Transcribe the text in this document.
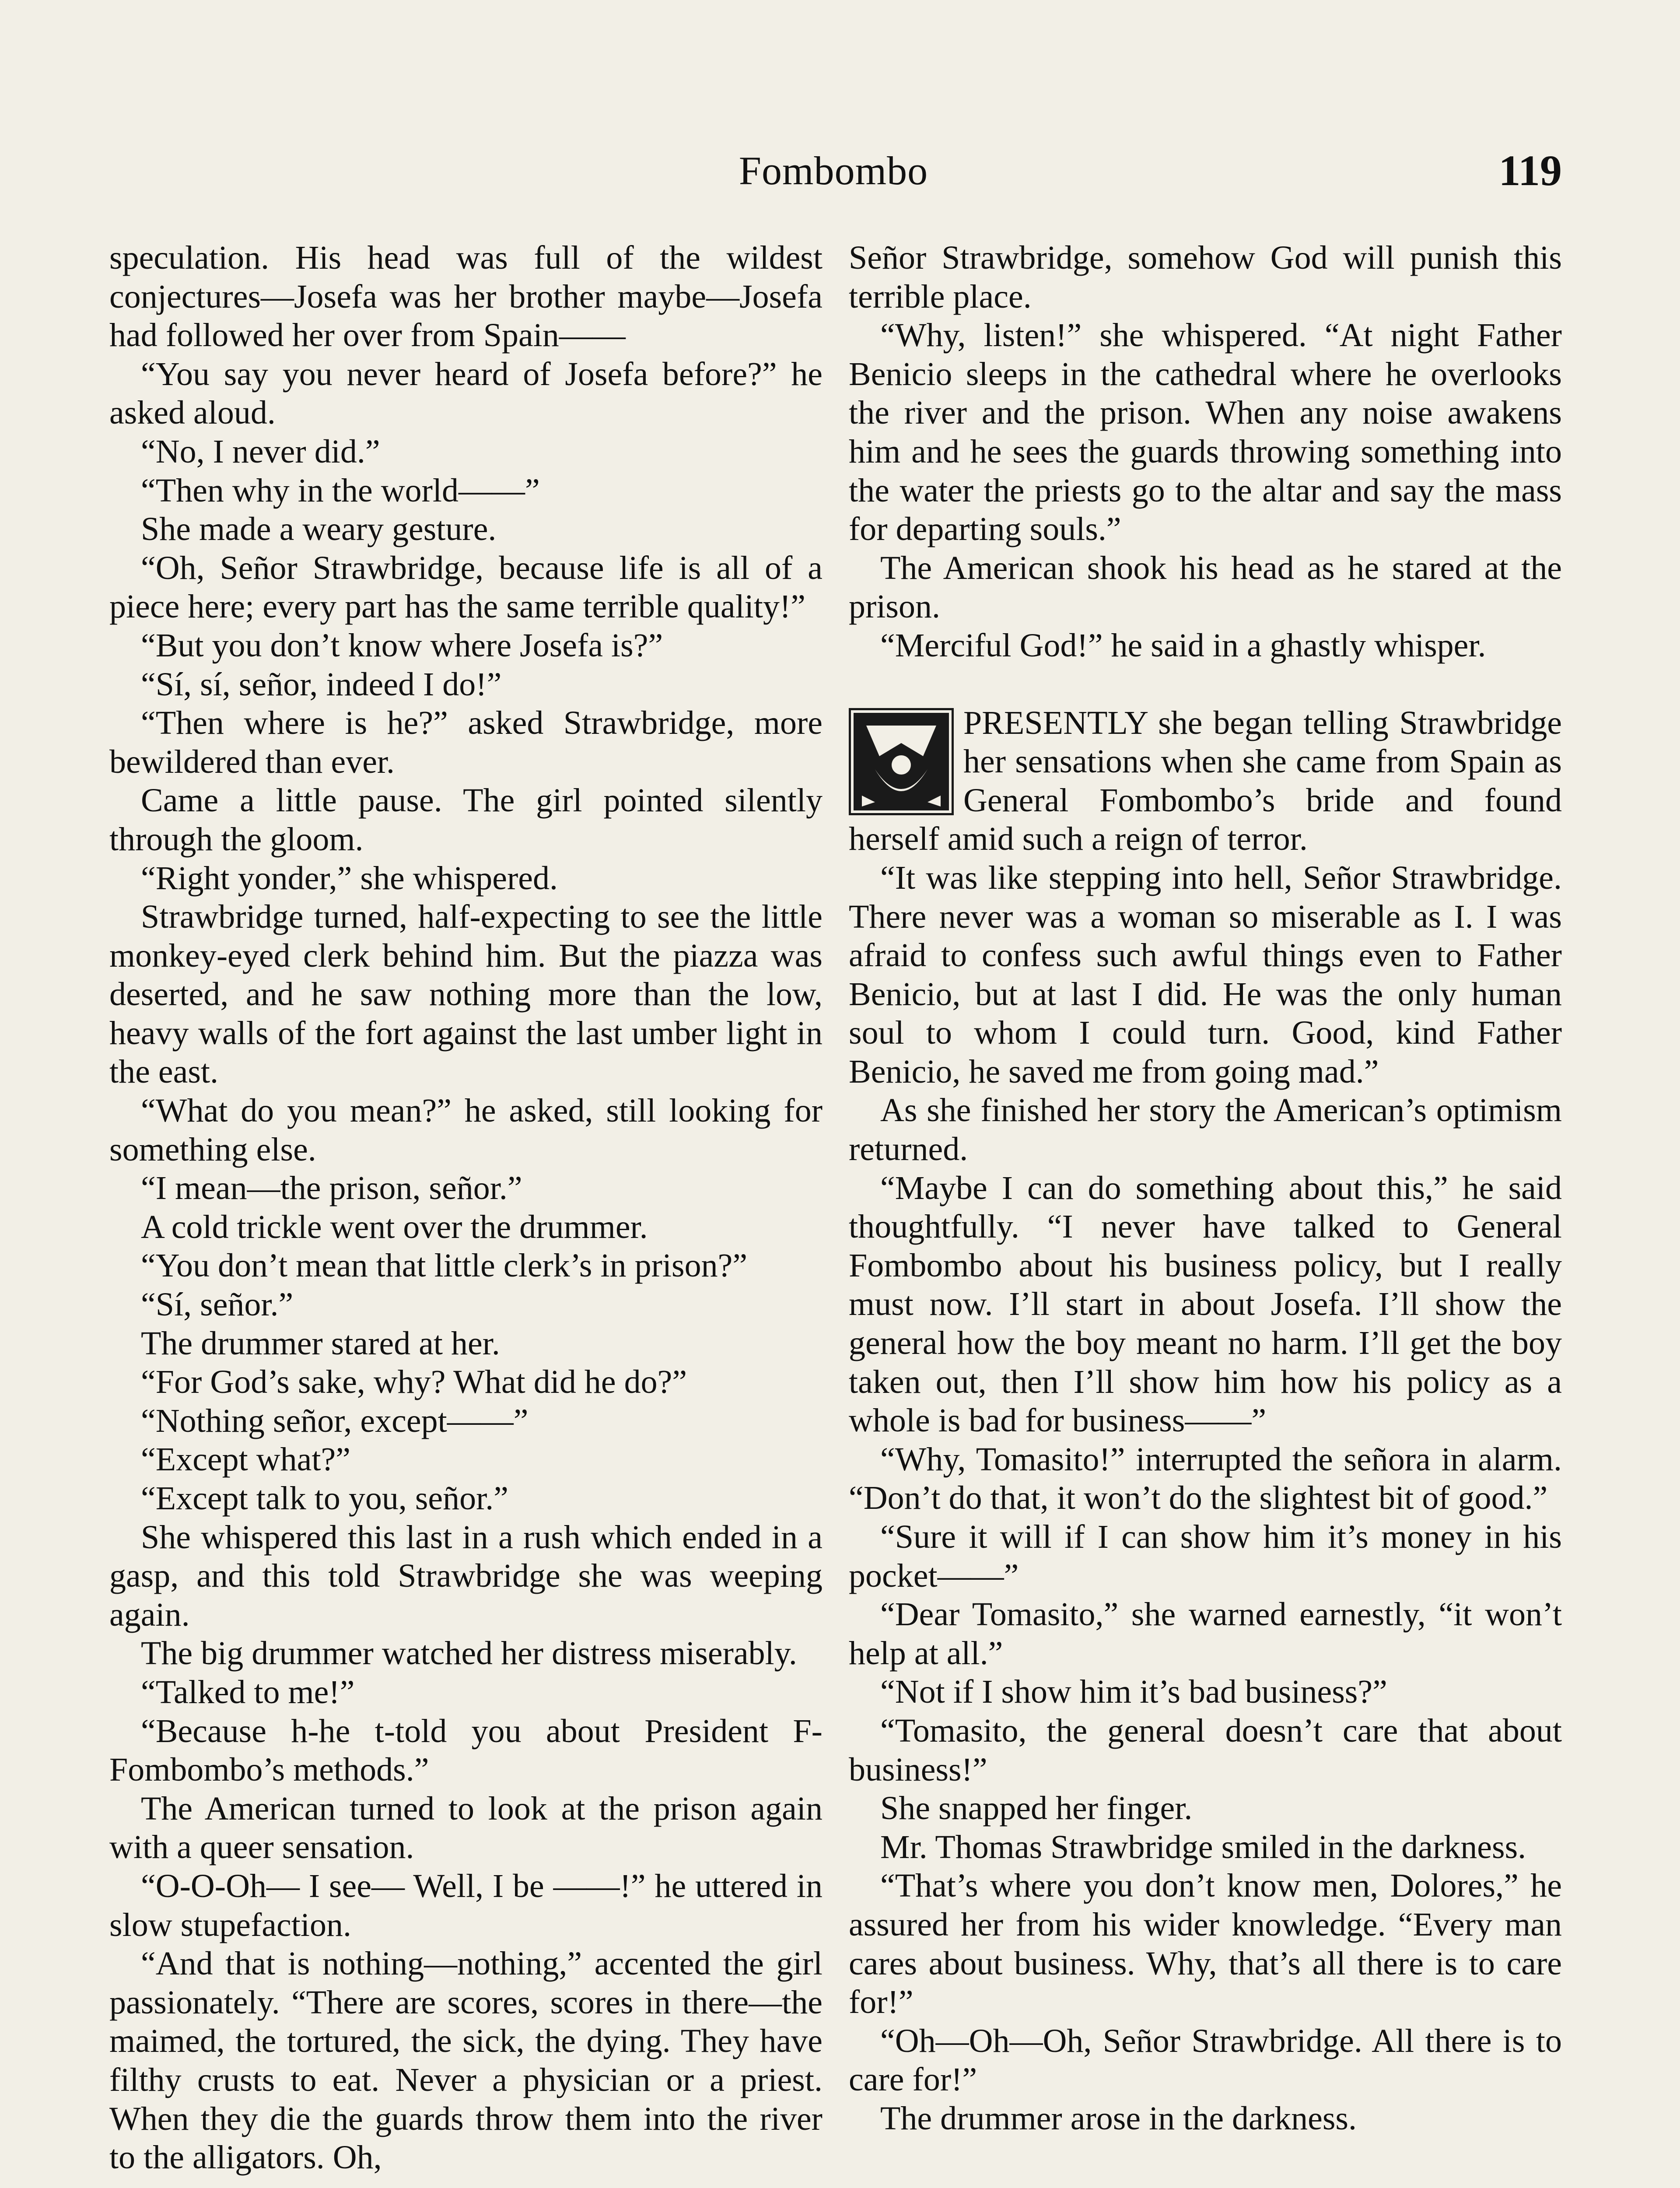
Fombombo	119

speculation. His head was full of the wildest conjectures—Josefa was her brother maybe—Josefa had followed her over from Spain——

“You say you never heard of Josefa before?” he asked aloud.

“No, I never did.”

“Then why in the world——”

She made a weary gesture.

“Oh, Señor Strawbridge, because life is all of a piece here; every part has the same terrible quality!”

“But you don’t know where Josefa is?”

“Sí, sí, señor, indeed I do!”

“Then where is he?” asked Strawbridge, more bewildered than ever.

Came a little pause. The girl pointed silently through the gloom.

“Right yonder,” she whispered.

Strawbridge turned, half-expecting to see the little monkey-eyed clerk behind him. But the piazza was deserted, and he saw nothing more than the low, heavy walls of the fort against the last umber light in the east.

“What do you mean?” he asked, still looking for something else.

“I mean—the prison, señor.”

A cold trickle went over the drummer.

“You don’t mean that little clerk’s in prison?”

“Sí, señor.”

The drummer stared at her.

“For God’s sake, why? What did he do?”

“Nothing señor, except——”

“Except what?”

“Except talk to you, señor.”

She whispered this last in a rush which ended in a gasp, and this told Strawbridge she was weeping again.

The big drummer watched her distress miserably.

“Talked to me!”

“Because h-he t-told you about President F-Fombombo’s methods.”

The American turned to look at the prison again with a queer sensation.

“O-O-Oh— I see— Well, I be ——!” he uttered in slow stupefaction.

“And that is nothing—nothing,” accented the girl passionately. “There are scores, scores in there—the maimed, the tortured, the sick, the dying. They have filthy crusts to eat. Never a physician or a priest. When they die the guards throw them into the river to the alligators. Oh,

Señor Strawbridge, somehow God will punish this terrible place.

“Why, listen!” she whispered. “At night Father Benicio sleeps in the cathedral where he overlooks the river and the prison. When any noise awakens him and he sees the guards throwing something into the water the priests go to the altar and say the mass for departing souls.”

The American shook his head as he stared at the prison.

“Merciful God!” he said in a ghastly whisper.

PRESENTLY she began telling Strawbridge her sensations when she came from Spain as General Fombombo’s bride and found herself amid such a reign of terror.

“It was like stepping into hell, Señor Strawbridge. There never was a woman so miserable as I. I was afraid to confess such awful things even to Father Benicio, but at last I did. He was the only human soul to whom I could turn. Good, kind Father Benicio, he saved me from going mad.”

As she finished her story the American’s optimism returned.

“Maybe I can do something about this,” he said thoughtfully. “I never have talked to General Fombombo about his business policy, but I really must now. I’ll start in about Josefa. I’ll show the general how the boy meant no harm. I’ll get the boy taken out, then I’ll show him how his policy as a whole is bad for business——”

“Why, Tomasito!” interrupted the señora in alarm. “Don’t do that, it won’t do the slightest bit of good.”

“Sure it will if I can show him it’s money in his pocket——”

“Dear Tomasito,” she warned earnestly, “it won’t help at all.”

“Not if I show him it’s bad business?”

“Tomasito, the general doesn’t care that about business!”

She snapped her finger.

Mr. Thomas Strawbridge smiled in the darkness.

“That’s where you don’t know men, Dolores,” he assured her from his wider knowledge. “Every man cares about business. Why, that’s all there is to care for!”

“Oh—Oh—Oh, Señor Strawbridge. All there is to care for!”

The drummer arose in the darkness.
